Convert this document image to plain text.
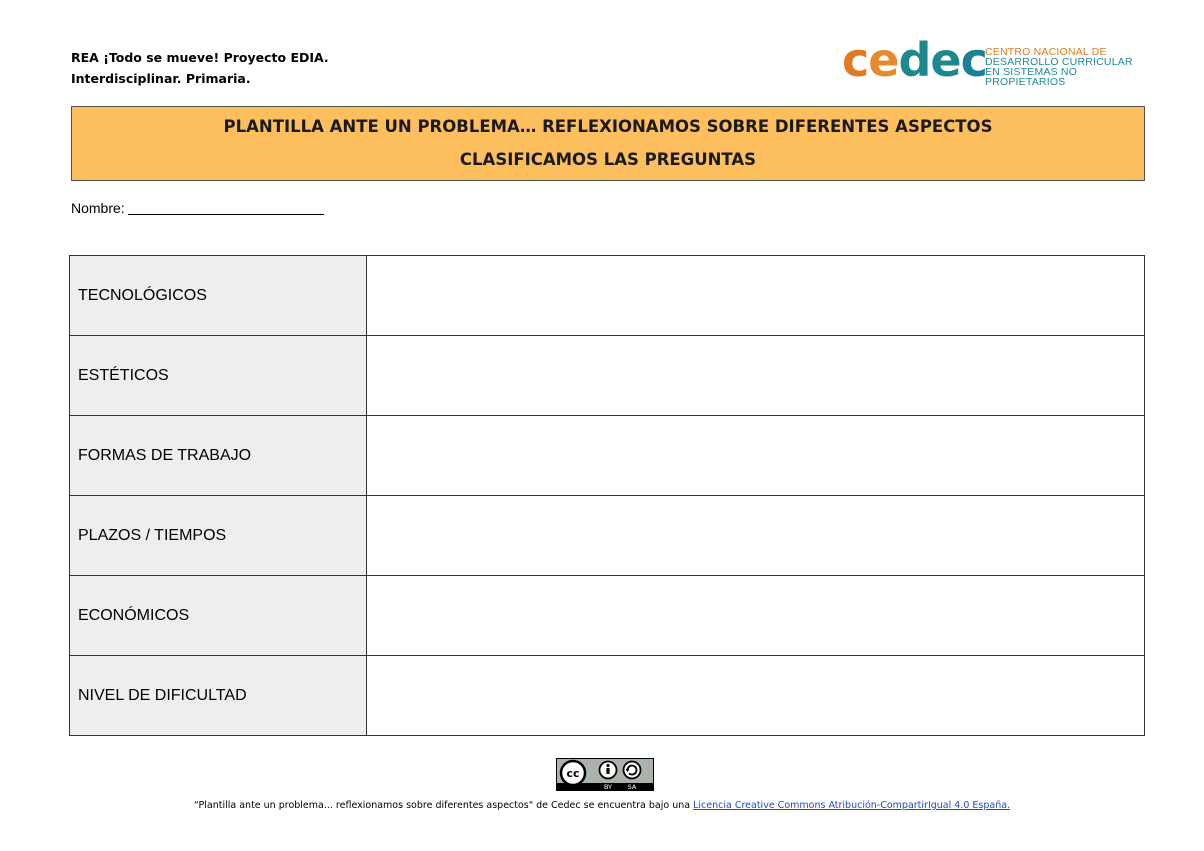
REA ¡Todo se mueve! Proyecto EDIA.
Interdisciplinar. Primaria.	cedec
CENTRO NACIONAL DE
DESARROLLO CURRICULAR
EN SISTEMAS NO PROPIETARIOS
PLANTILLA ANTE UN PROBLEMA… REFLEXIONAMOS SOBRE DIFERENTES ASPECTOS
CLASIFICAMOS LAS PREGUNTAS
Nombre:
TECNOLÓGICOS	
ESTÉTICOS	
FORMAS DE TRABAJO	
PLAZOS / TIEMPOS	
ECONÓMICOS	
NIVEL DE DIFICULTAD	
cc
BY SA
“Plantilla ante un problema... reflexionamos sobre diferentes aspectos" de Cedec se encuentra bajo una Licencia Creative Commons Atribución-CompartirIgual 4.0 España.
